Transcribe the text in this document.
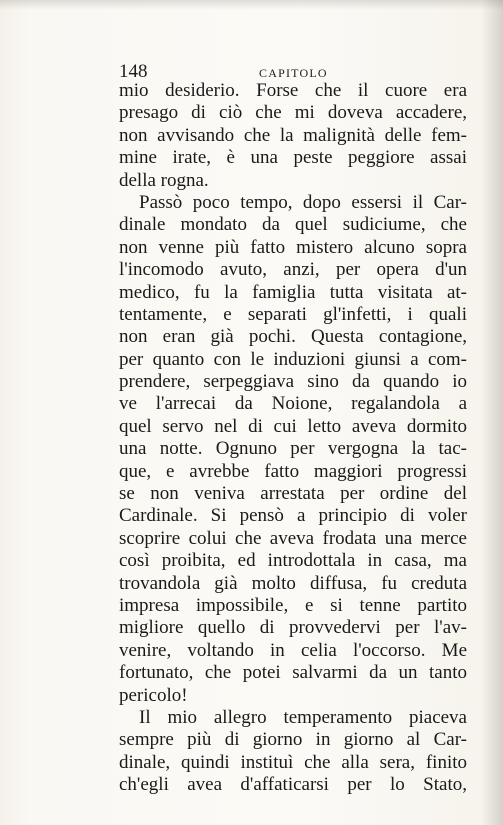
148	CAPITOLO
mio desiderio. Forse che il cuore era
presago di ciò che mi doveva accadere,
non avvisando che la malignità delle fem-
mine irate, è una peste peggiore assai
della rogna.
Passò poco tempo, dopo essersi il Car-
dinale mondato da quel sudiciume, che
non venne più fatto mistero alcuno sopra
l'incomodo avuto, anzi, per opera d'un
medico, fu la famiglia tutta visitata at-
tentamente, e separati gl'infetti, i quali
non eran già pochi. Questa contagione,
per quanto con le induzioni giunsi a com-
prendere, serpeggiava sino da quando io
ve l'arrecai da Noione, regalandola a
quel servo nel di cui letto aveva dormito
una notte. Ognuno per vergogna la tac-
que, e avrebbe fatto maggiori progressi
se non veniva arrestata per ordine del
Cardinale. Si pensò a principio di voler
scoprire colui che aveva frodata una merce
così proibita, ed introdottala in casa, ma
trovandola già molto diffusa, fu creduta
impresa impossibile, e si tenne partito
migliore quello di provvedervi per l'av-
venire, voltando in celia l'occorso. Me
fortunato, che potei salvarmi da un tanto
pericolo!
Il mio allegro temperamento piaceva
sempre più di giorno in giorno al Car-
dinale, quindi instituì che alla sera, finito
ch'egli avea d'affaticarsi per lo Stato,
